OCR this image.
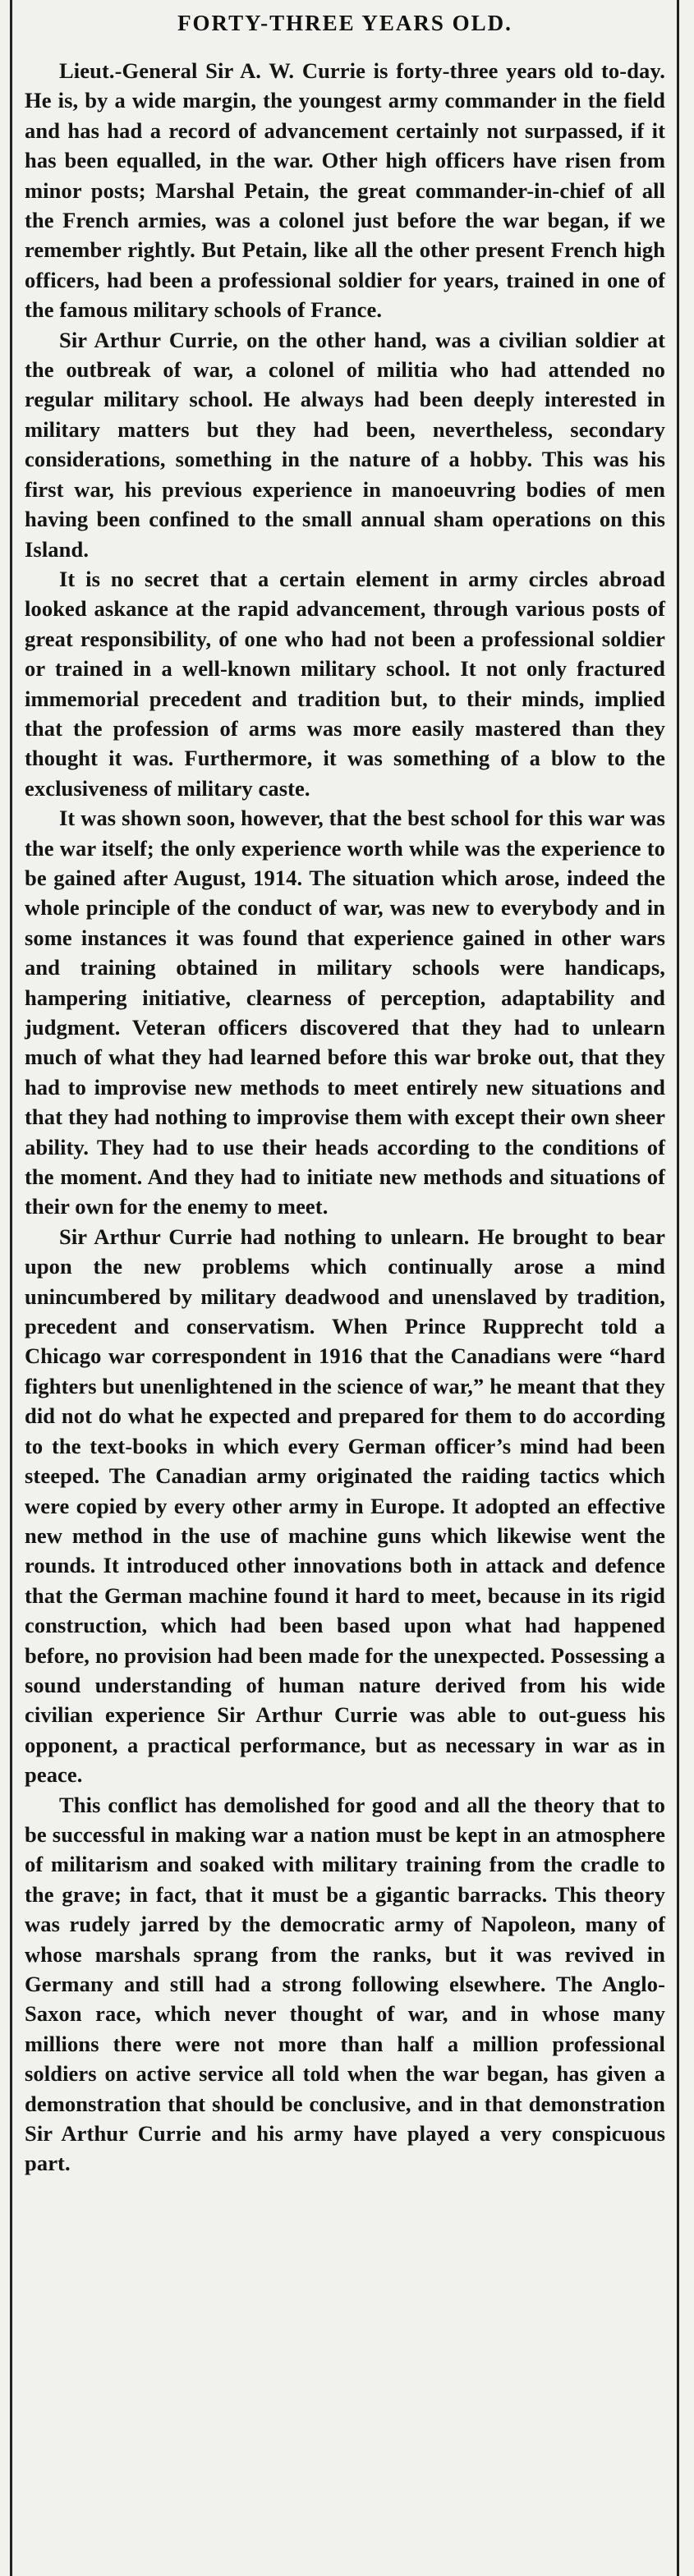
FORTY-THREE YEARS OLD.

Lieut.-General Sir A. W. Currie is forty-three years old to-day. He is, by a wide margin, the youngest army commander in the field and has had a record of advancement certainly not surpassed, if it has been equalled, in the war. Other high officers have risen from minor posts; Marshal Petain, the great commander-in-chief of all the French armies, was a colonel just before the war began, if we remember rightly. But Petain, like all the other present French high officers, had been a professional soldier for years, trained in one of the famous military schools of France.

Sir Arthur Currie, on the other hand, was a civilian soldier at the outbreak of war, a colonel of militia who had attended no regular military school. He always had been deeply interested in military matters but they had been, nevertheless, secondary considerations, something in the nature of a hobby. This was his first war, his previous experience in manoeuvring bodies of men having been confined to the small annual sham operations on this Island.

It is no secret that a certain element in army circles abroad looked askance at the rapid advancement, through various posts of great responsibility, of one who had not been a professional soldier or trained in a well-known military school. It not only fractured immemorial precedent and tradition but, to their minds, implied that the profession of arms was more easily mastered than they thought it was. Furthermore, it was something of a blow to the exclusiveness of military caste.

It was shown soon, however, that the best school for this war was the war itself; the only experience worth while was the experience to be gained after August, 1914. The situation which arose, indeed the whole principle of the conduct of war, was new to everybody and in some instances it was found that experience gained in other wars and training obtained in military schools were handicaps, hampering initiative, clearness of perception, adaptability and judgment. Veteran officers discovered that they had to unlearn much of what they had learned before this war broke out, that they had to improvise new methods to meet entirely new situations and that they had nothing to improvise them with except their own sheer ability. They had to use their heads according to the conditions of the moment. And they had to initiate new methods and situations of their own for the enemy to meet.

Sir Arthur Currie had nothing to unlearn. He brought to bear upon the new problems which continually arose a mind unincumbered by military deadwood and unenslaved by tradition, precedent and conservatism. When Prince Rupprecht told a Chicago war correspondent in 1916 that the Canadians were “hard fighters but unenlightened in the science of war,” he meant that they did not do what he expected and prepared for them to do according to the text-books in which every German officer’s mind had been steeped. The Canadian army originated the raiding tactics which were copied by every other army in Europe. It adopted an effective new method in the use of machine guns which likewise went the rounds. It introduced other innovations both in attack and defence that the German machine found it hard to meet, because in its rigid construction, which had been based upon what had happened before, no provision had been made for the unexpected. Possessing a sound understanding of human nature derived from his wide civilian experience Sir Arthur Currie was able to out-guess his opponent, a practical performance, but as necessary in war as in peace.

This conflict has demolished for good and all the theory that to be successful in making war a nation must be kept in an atmosphere of militarism and soaked with military training from the cradle to the grave; in fact, that it must be a gigantic barracks. This theory was rudely jarred by the democratic army of Napoleon, many of whose marshals sprang from the ranks, but it was revived in Germany and still had a strong following elsewhere. The Anglo-Saxon race, which never thought of war, and in whose many millions there were not more than half a million professional soldiers on active service all told when the war began, has given a demonstration that should be conclusive, and in that demonstration Sir Arthur Currie and his army have played a very conspicuous part.
